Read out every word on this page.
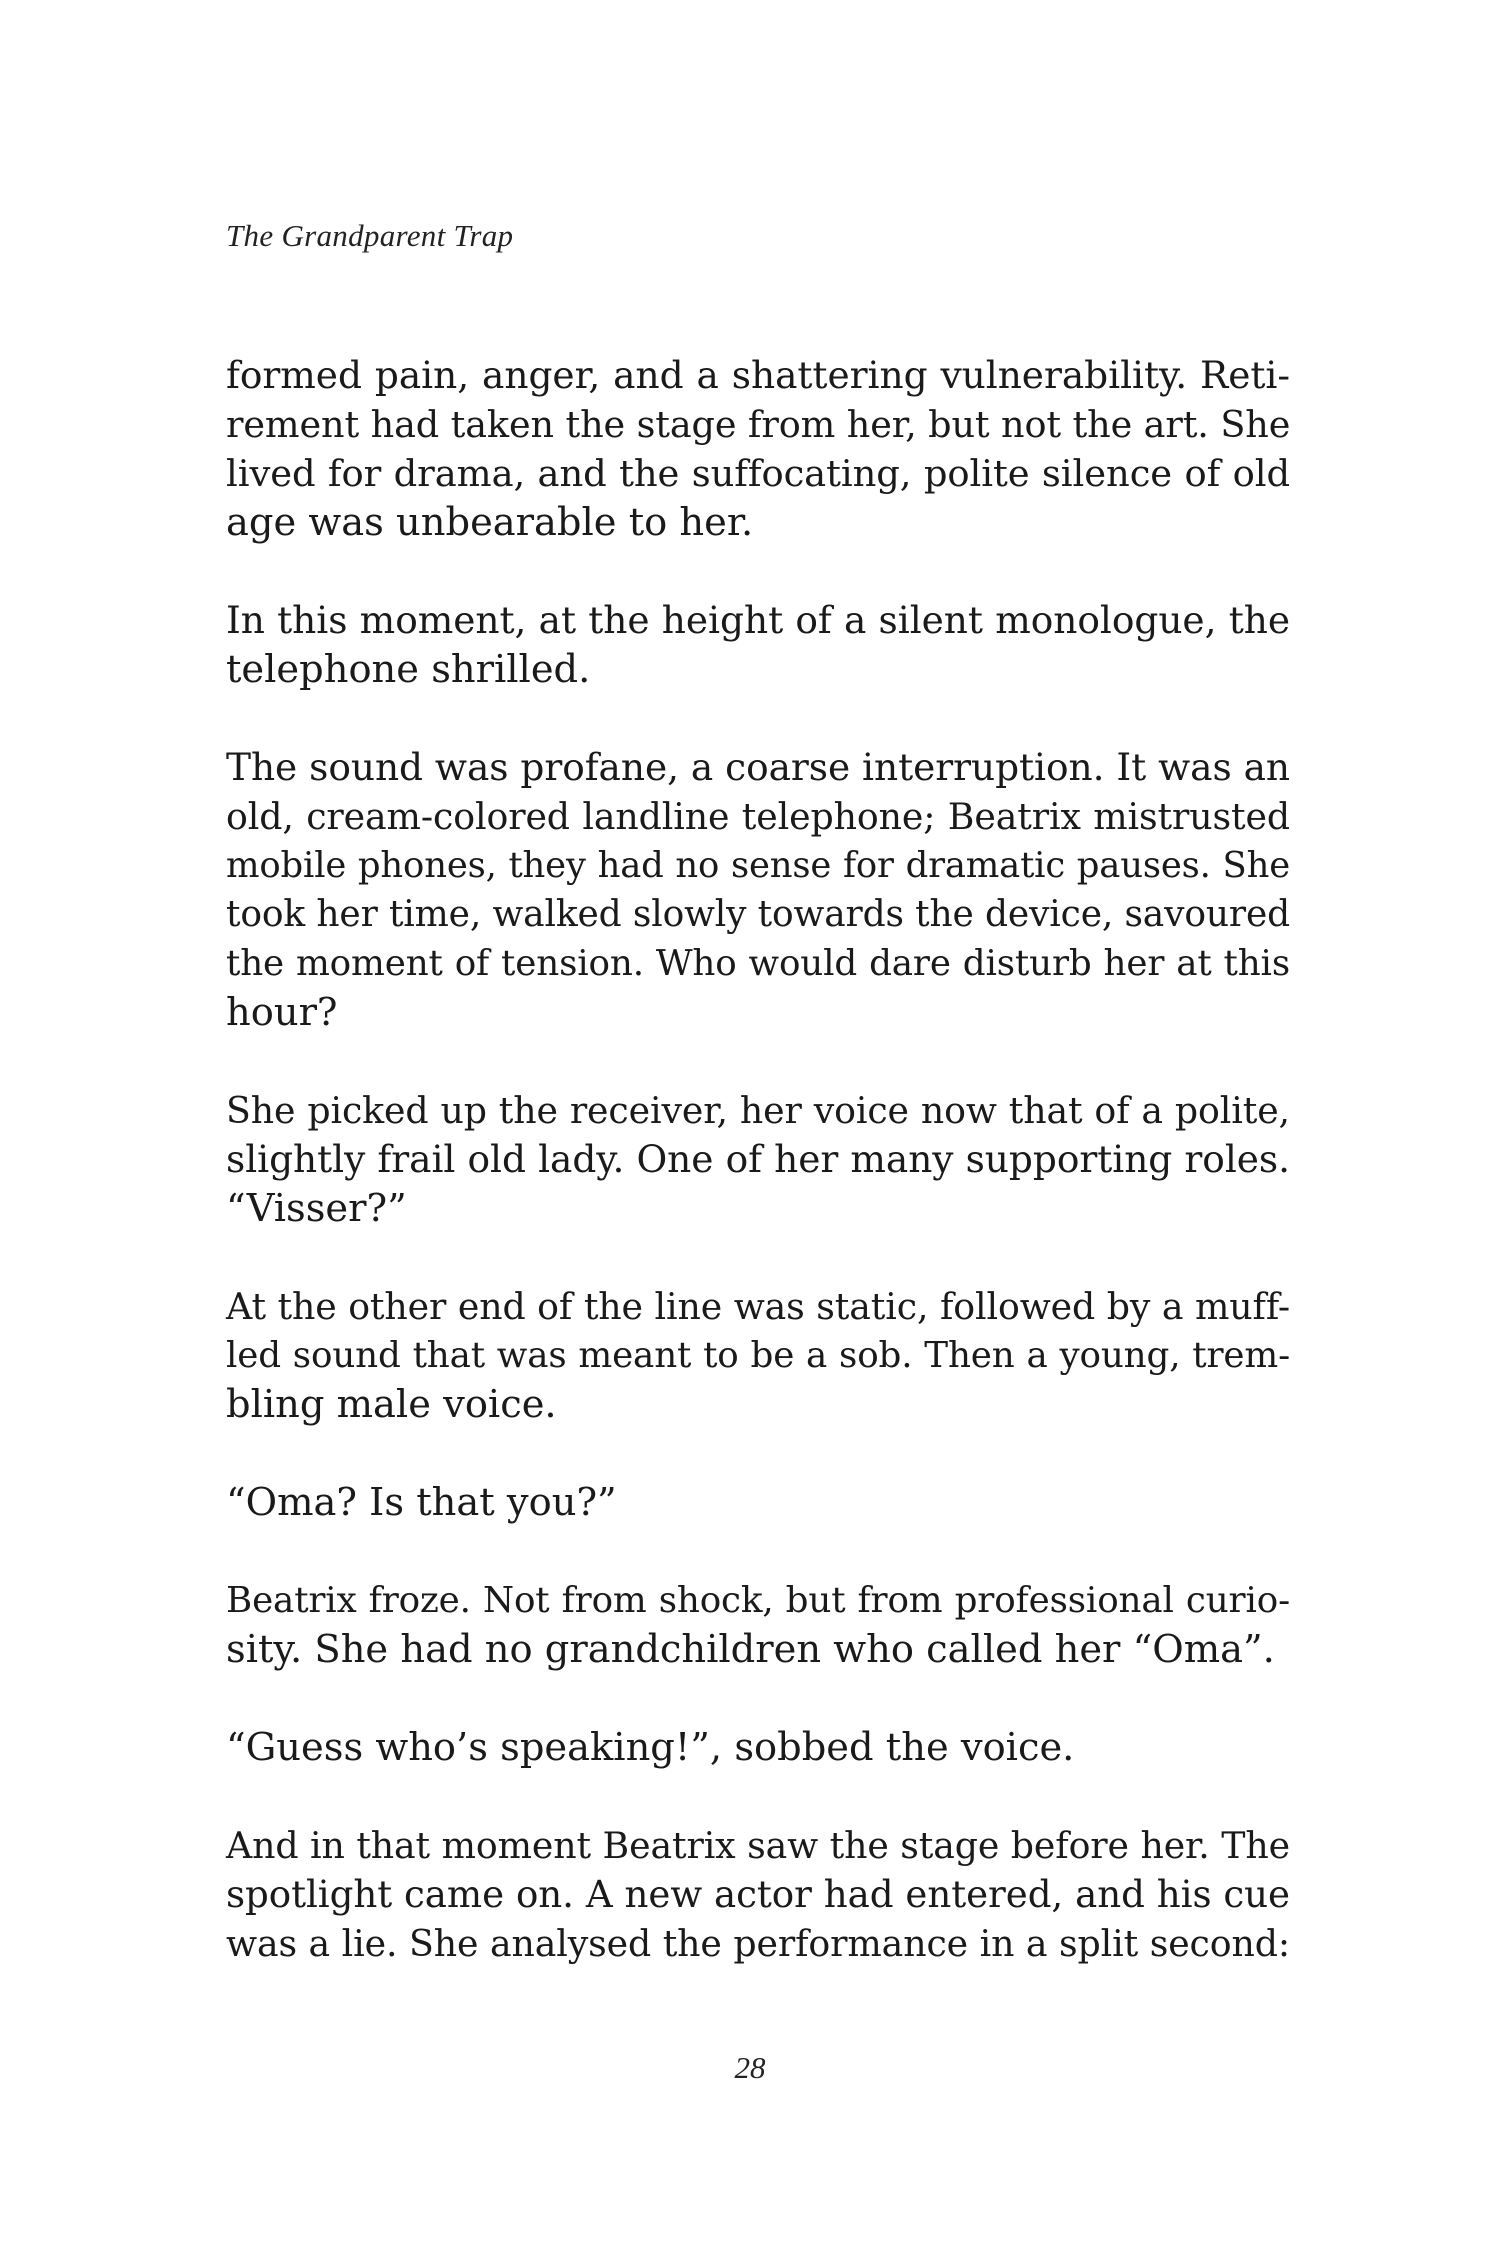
The Grandparent Trap

formed pain, anger, and a shattering vulnerability. Reti-
rement had taken the stage from her, but not the art. She
lived for drama, and the suffocating, polite silence of old
age was unbearable to her.

In this moment, at the height of a silent monologue, the
telephone shrilled.

The sound was profane, a coarse interruption. It was an
old, cream-colored landline telephone; Beatrix mistrusted
mobile phones, they had no sense for dramatic pauses. She
took her time, walked slowly towards the device, savoured
the moment of tension. Who would dare disturb her at this
hour?

She picked up the receiver, her voice now that of a polite,
slightly frail old lady. One of her many supporting roles.
“Visser?”

At the other end of the line was static, followed by a muff-
led sound that was meant to be a sob. Then a young, trem-
bling male voice.

“Oma? Is that you?”

Beatrix froze. Not from shock, but from professional curio-
sity. She had no grandchildren who called her “Oma”.

“Guess who’s speaking!”, sobbed the voice.

And in that moment Beatrix saw the stage before her. The
spotlight came on. A new actor had entered, and his cue
was a lie. She analysed the performance in a split second:

28
